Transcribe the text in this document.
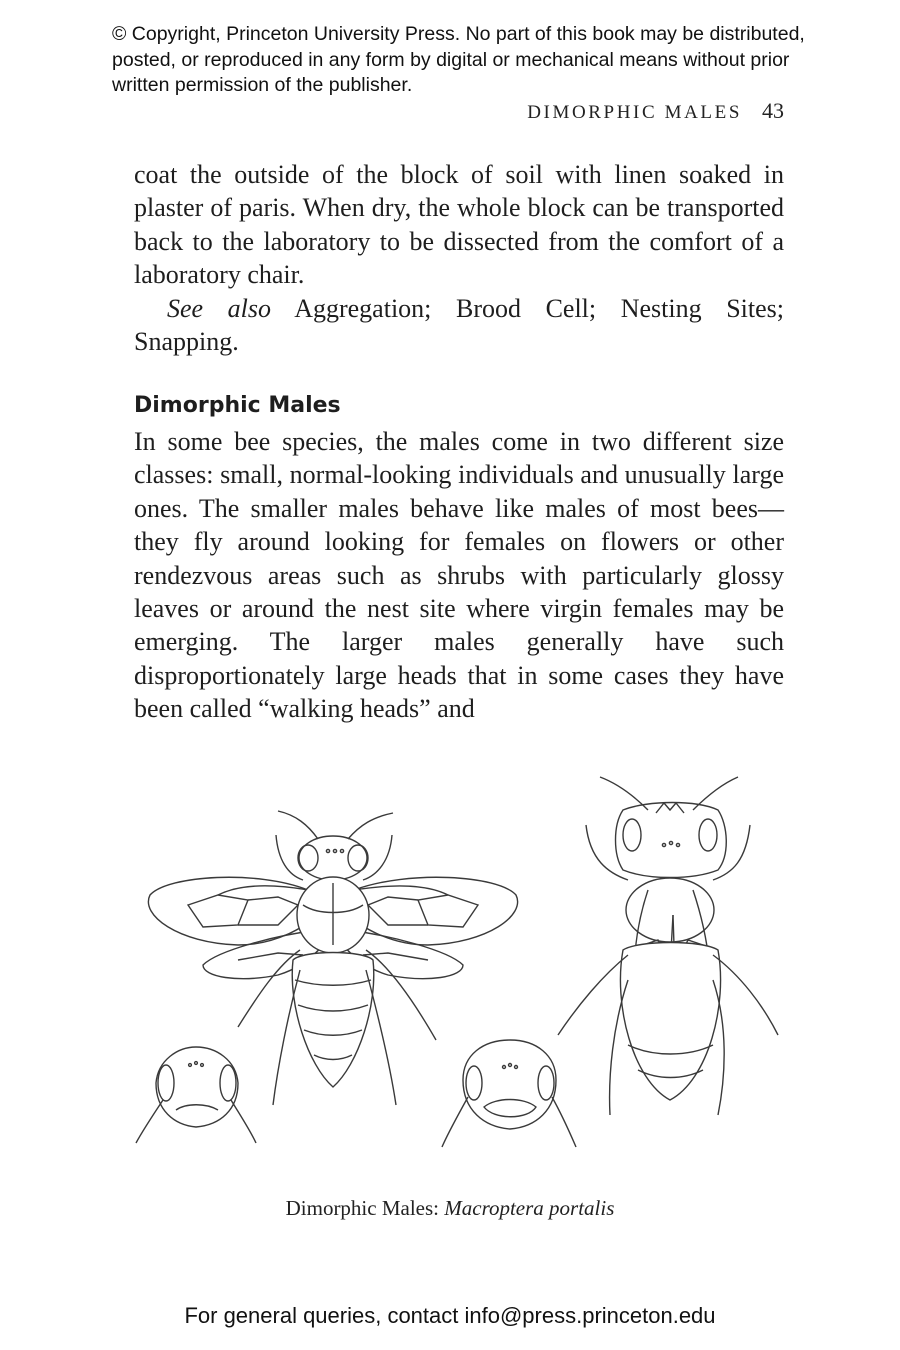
© Copyright, Princeton University Press. No part of this book may be distributed, posted, or reproduced in any form by digital or mechanical means without prior written permission of the publisher.
DIMORPHIC MALES 43

coat the outside of the block of soil with linen soaked in plaster of paris. When dry, the whole block can be transported back to the laboratory to be dissected from the comfort of a laboratory chair.

See also Aggregation; Brood Cell; Nesting Sites; Snapping.

Dimorphic Males

In some bee species, the males come in two different size classes: small, normal-looking individuals and unusually large ones. The smaller males behave like males of most bees—they fly around looking for females on flowers or other rendezvous areas such as shrubs with particularly glossy leaves or around the nest site where virgin females may be emerging. The larger males generally have such disproportionately large heads that in some cases they have been called “walking heads” and

Dimorphic Males: Macroptera portalis
For general queries, contact info@press.princeton.edu
